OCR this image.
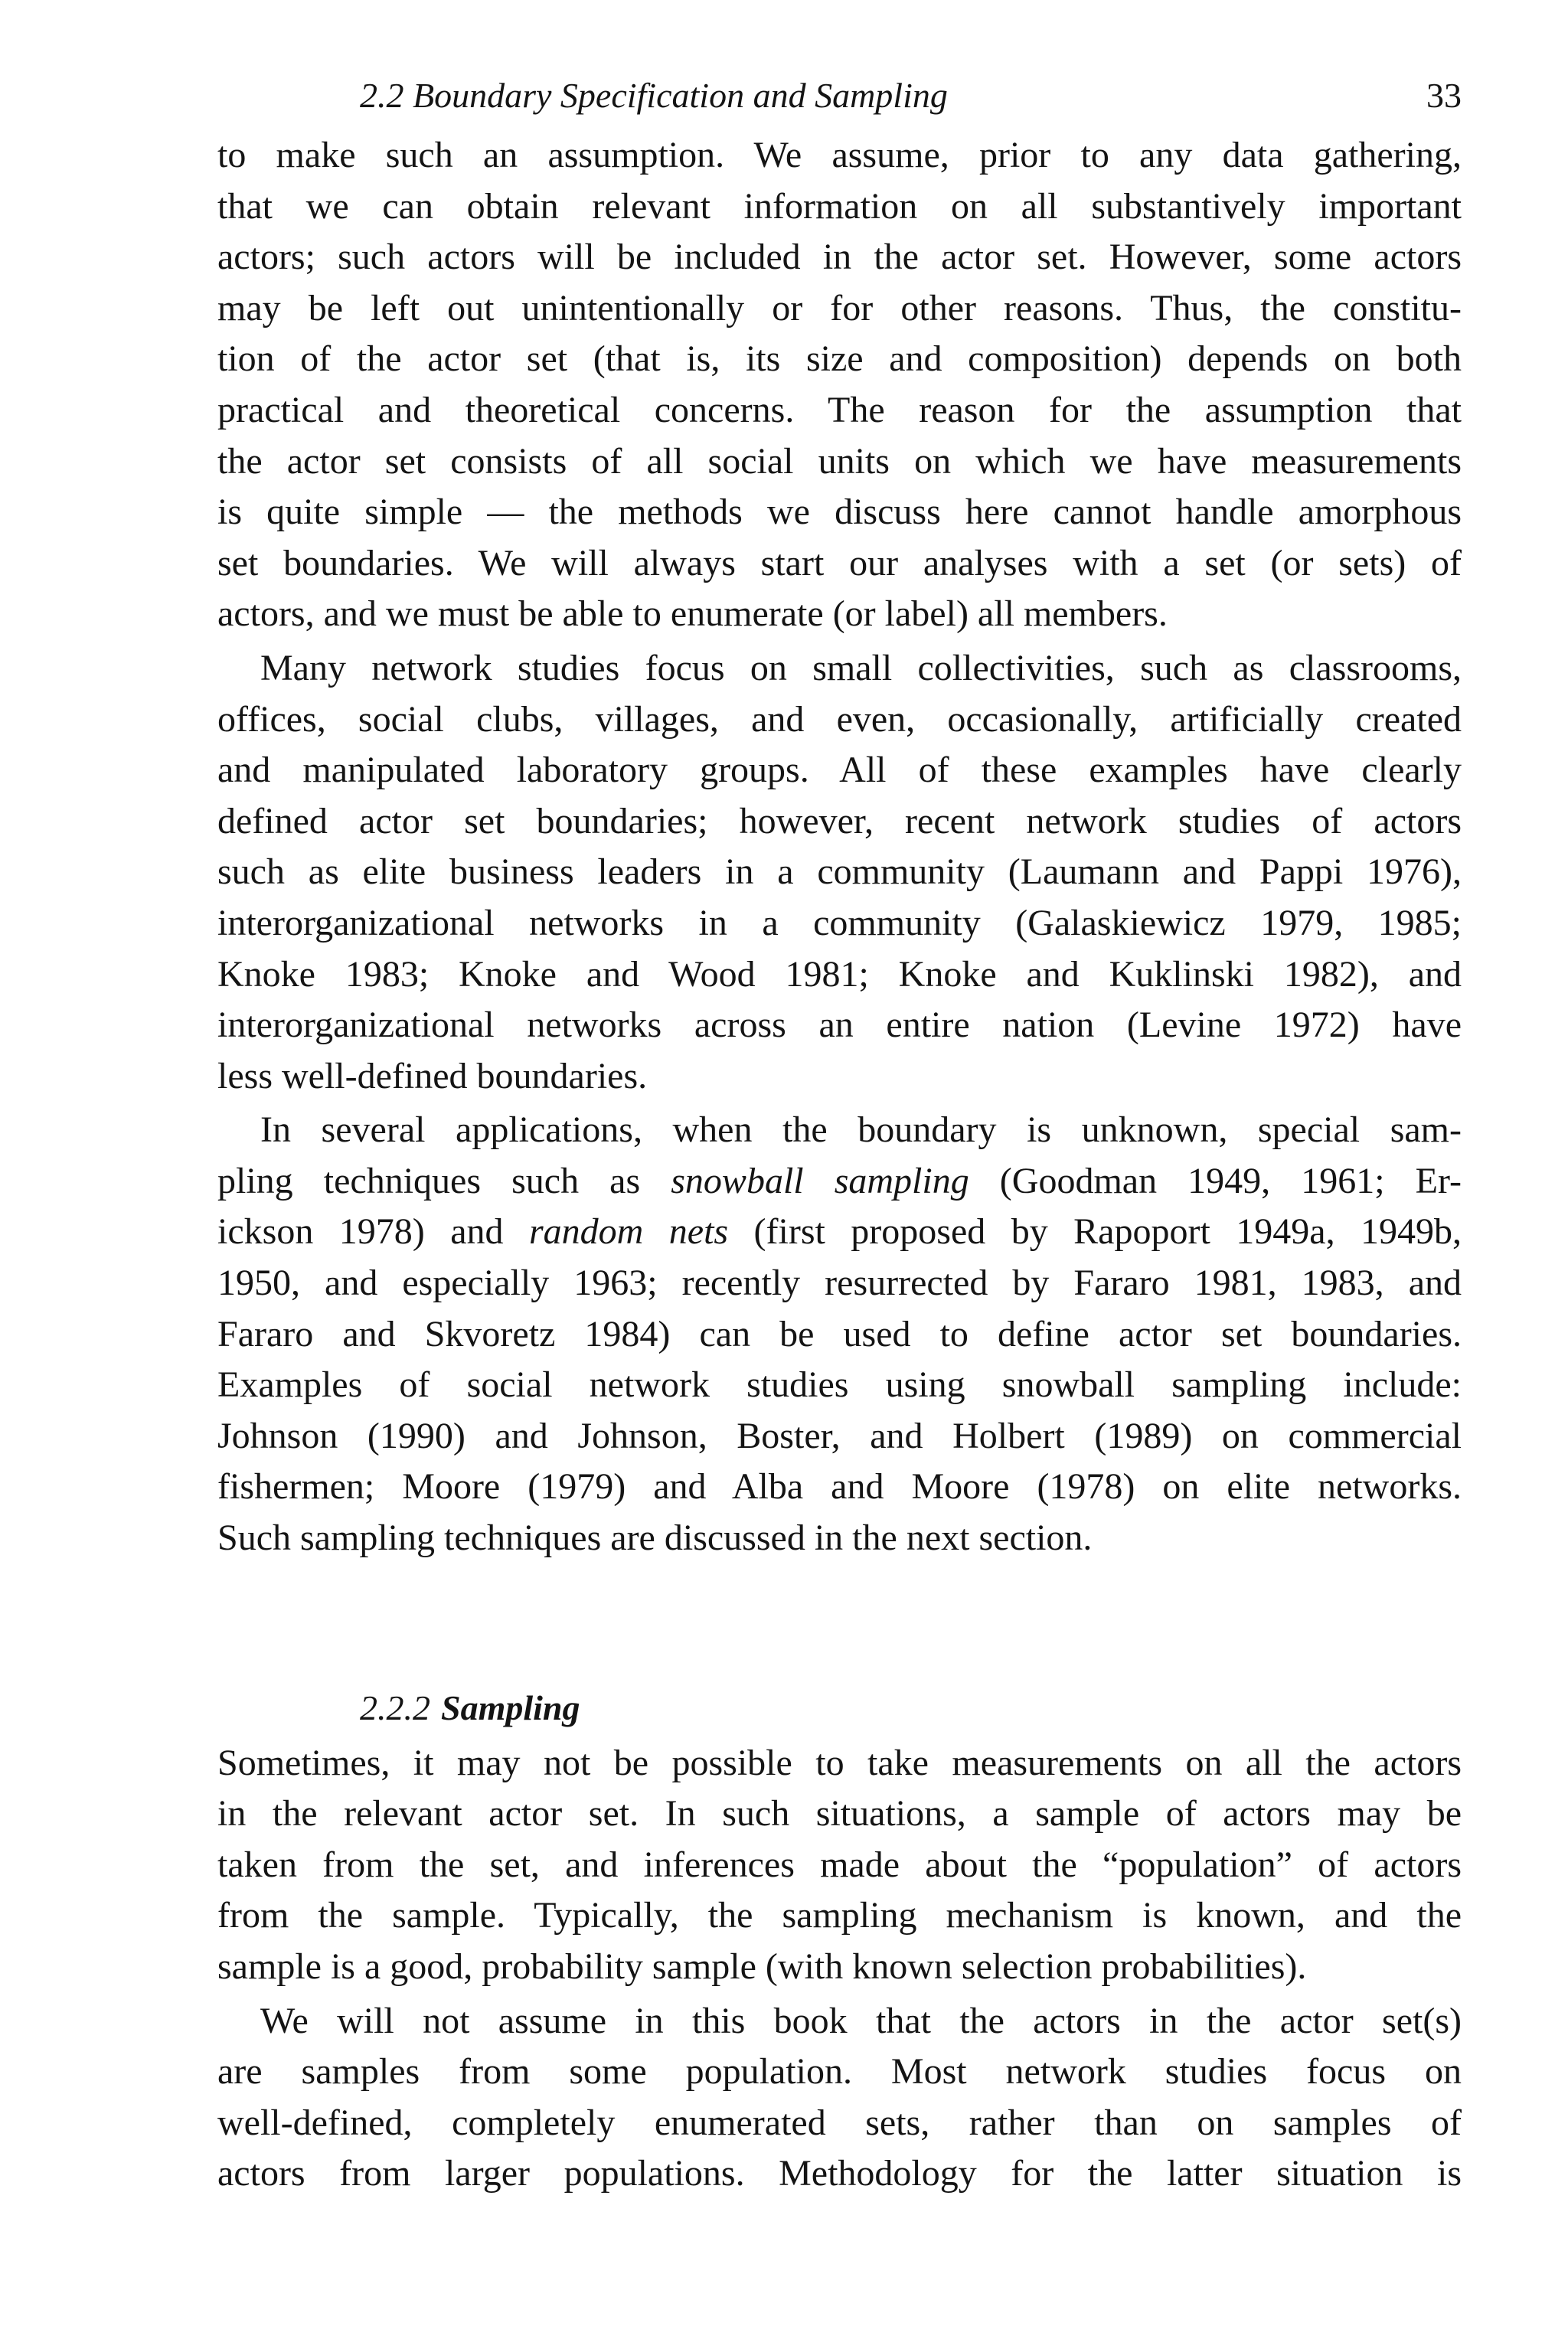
2.2 Boundary Specification and Sampling	33

to make such an assumption. We assume, prior to any data gathering,
that we can obtain relevant information on all substantively important
actors; such actors will be included in the actor set. However, some actors
may be left out unintentionally or for other reasons. Thus, the constitu-
tion of the actor set (that is, its size and composition) depends on both
practical and theoretical concerns. The reason for the assumption that
the actor set consists of all social units on which we have measurements
is quite simple — the methods we discuss here cannot handle amorphous
set boundaries. We will always start our analyses with a set (or sets) of
actors, and we must be able to enumerate (or label) all members.

Many network studies focus on small collectivities, such as classrooms,
offices, social clubs, villages, and even, occasionally, artificially created
and manipulated laboratory groups. All of these examples have clearly
defined actor set boundaries; however, recent network studies of actors
such as elite business leaders in a community (Laumann and Pappi 1976),
interorganizational networks in a community (Galaskiewicz 1979, 1985;
Knoke 1983; Knoke and Wood 1981; Knoke and Kuklinski 1982), and
interorganizational networks across an entire nation (Levine 1972) have
less well-defined boundaries.

In several applications, when the boundary is unknown, special sam-
pling techniques such as snowball sampling (Goodman 1949, 1961; Er-
ickson 1978) and random nets (first proposed by Rapoport 1949a, 1949b,
1950, and especially 1963; recently resurrected by Fararo 1981, 1983, and
Fararo and Skvoretz 1984) can be used to define actor set boundaries.
Examples of social network studies using snowball sampling include:
Johnson (1990) and Johnson, Boster, and Holbert (1989) on commercial
fishermen; Moore (1979) and Alba and Moore (1978) on elite networks.
Such sampling techniques are discussed in the next section.

2.2.2 Sampling

Sometimes, it may not be possible to take measurements on all the actors
in the relevant actor set. In such situations, a sample of actors may be
taken from the set, and inferences made about the “population” of actors
from the sample. Typically, the sampling mechanism is known, and the
sample is a good, probability sample (with known selection probabilities).

We will not assume in this book that the actors in the actor set(s)
are samples from some population. Most network studies focus on
well-defined, completely enumerated sets, rather than on samples of
actors from larger populations. Methodology for the latter situation is
